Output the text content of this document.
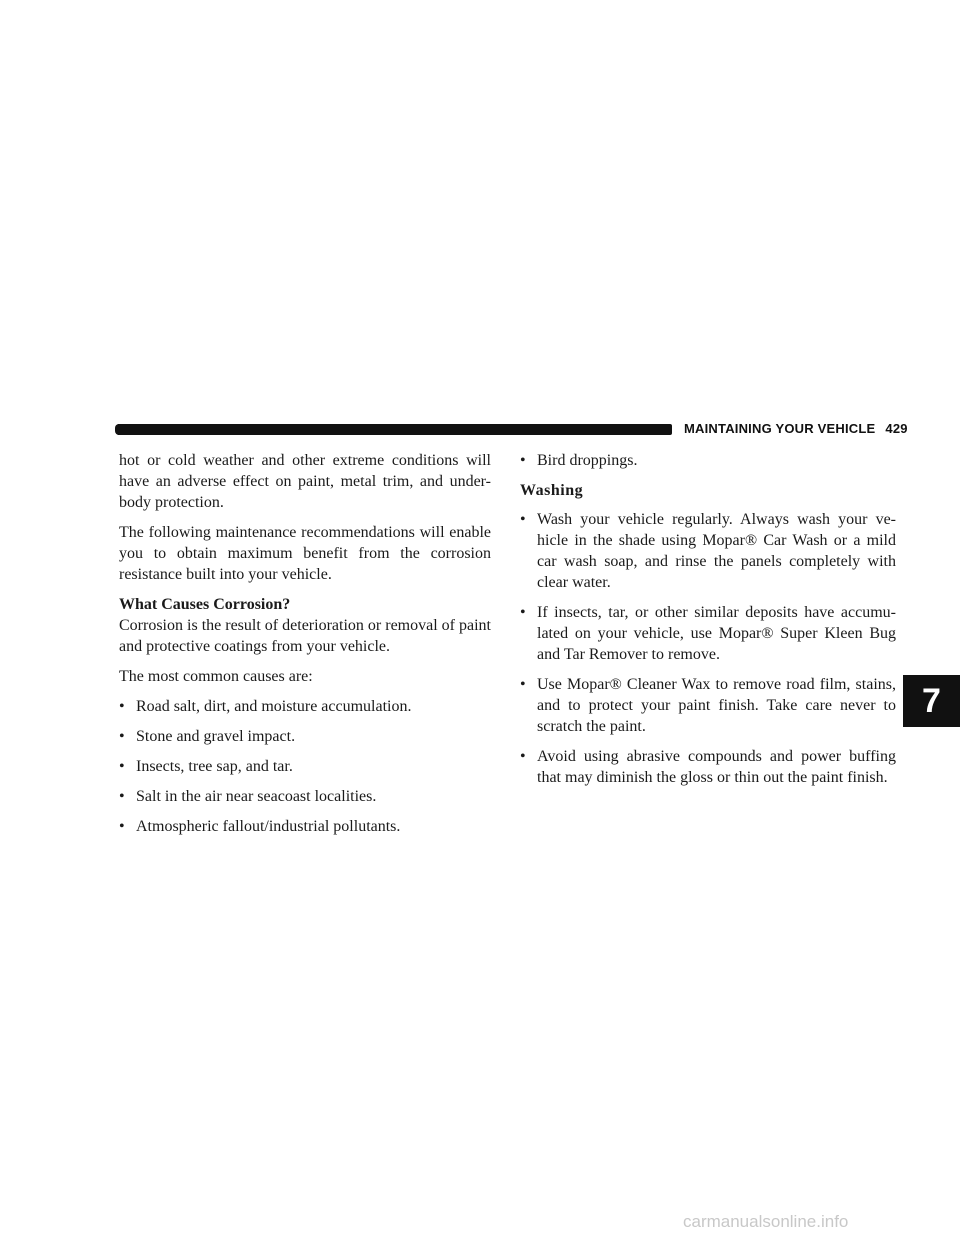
MAINTAINING YOUR VEHICLE 429

hot or cold weather and other extreme conditions will have an adverse effect on paint, metal trim, and under-body protection.

The following maintenance recommendations will enable you to obtain maximum benefit from the corrosion resistance built into your vehicle.

What Causes Corrosion?

Corrosion is the result of deterioration or removal of paint and protective coatings from your vehicle.

The most common causes are:

• Road salt, dirt, and moisture accumulation.
• Stone and gravel impact.
• Insects, tree sap, and tar.
• Salt in the air near seacoast localities.
• Atmospheric fallout/industrial pollutants.
• Bird droppings.
Washing
• Wash your vehicle regularly. Always wash your ve-hicle in the shade using Mopar® Car Wash or a mild car wash soap, and rinse the panels completely with clear water.
• If insects, tar, or other similar deposits have accumu-lated on your vehicle, use Mopar® Super Kleen Bug and Tar Remover to remove.
• Use Mopar® Cleaner Wax to remove road film, stains, and to protect your paint finish. Take care never to scratch the paint.
• Avoid using abrasive compounds and power buffing that may diminish the gloss or thin out the paint finish.
7
carmanualsonline.info
